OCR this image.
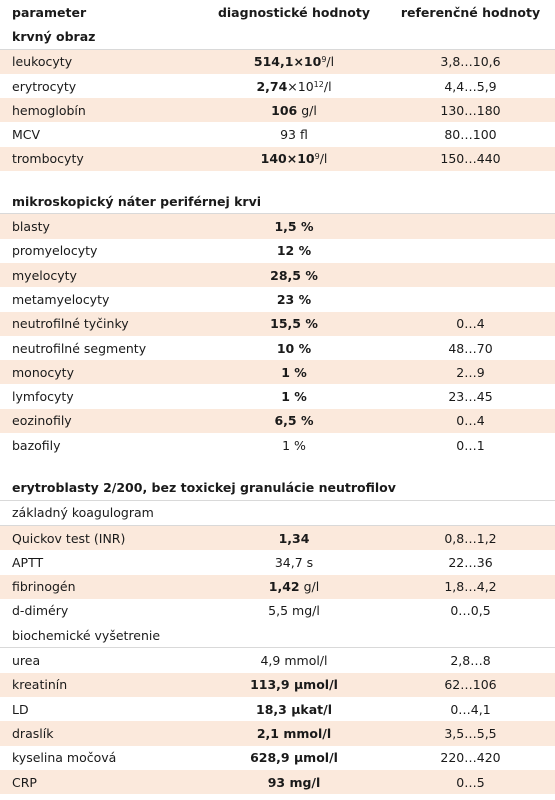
parameter	diagnostické hodnoty	referenčné hodnoty
krvný obraz
leukocyty	$514,1\times 10^9/l$	3,8…10,6
erytrocyty	$2,74\times 10^{12}/l$	4,4…5,9
hemoglobín	106 g/l	130…180
MCV	93 fl	80…100
trombocyty	$140\times 10^9/l$	150…440
mikroskopický náter periférnej krvi
blasty	1,5 %
promyelocyty	12 %
myelocyty	28,5 %
metamyelocyty	23 %
neutrofilné tyčinky	15,5 %	0…4
neutrofilné segmenty	10 %	48…70
monocyty	1 %	2…9
lymfocyty	1 %	23…45
eozinofily	6,5 %	0…4
bazofily	1 %	0…1
erytroblasty 2/200, bez toxickej granulácie neutrofilov
základný koagulogram
Quickov test (INR)	1,34	0,8…1,2
APTT	34,7 s	22…36
fibrinogén	1,42 g/l	1,8…4,2
d-diméry	5,5 mg/l	0…0,5
biochemické vyšetrenie
urea	4,9 mmol/l	2,8…8
kreatinín	113,9 µmol/l	62…106
LD	18,3 µkat/l	0…4,1
draslík	2,1 mmol/l	3,5…5,5
kyselina močová	628,9 µmol/l	220…420
CRP	93 mg/l	0…5
